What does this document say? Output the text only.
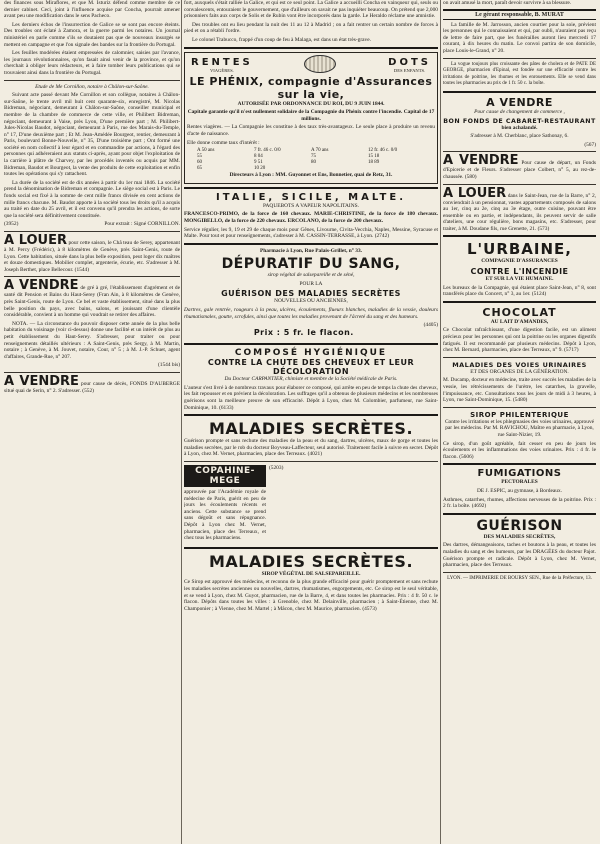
des finances sous Miraflores, et que M. Isturiz défend comme membre de ce dernier cabinet. Ceci, joint à l'influence acquise par Concha, pourrait amener avant peu une modification dans le sens Pacheco.

Les derniers échos de l'insurrection de Galice se se sont pas encore éteints. Des troubles ont éclaté à Zamora, et la guerre parmi les notaires. Un journal ministériel en parle comme s'ils se doutaient pas que de nouveaux insurgés se mettent en campagne et que l'on signale des bandes sur la frontière du Portugal.

Les feuilles modérées étaient empressées de calomnier, saisies par l'avance, les journaux révolutionnaires, qu'on fasait ainsi venir de la province, et qu'on cherchait à obliger leurs rédacteurs, et à faire tomber leurs publications qui se trouvaient ainsi dans la frontière du Portugal.

Etude de Me Cornillon, notaire à Châlon-sur-Saône.

Suivant acte passé devant Me Cornillon et son collègue, notaires à Châlon-sur-Saône, le trente avril mil huit cent quarante-six, enregistré, M. Nicolas Bidreman, négociant, demeurant à Châlon-sur-Saône, conseiller municipal et membre de la chambre de commerce de cette ville, et Philibert Bidreman, négociant, demeurant à Vaise, près Lyon, D'une première part ; M. Philibert-Jules-Nicolas Baudot, négociant, demeurant à Paris, rue des Marais-du-Temple, n° 17, D'une deuxième part ; Et M. Jean-Amédée Bourgeot, rentier, demeurant à Paris, boulevard Bonne-Nouvelle, n° 35, D'une troisième part ; Ont formé une société en nom collectif à leur égard et en commandite par actions, à l'égard des personnes qui adhéreraient aux statuts ci-après, ayant pour objet l'exploitation de la carrière à plâtre de Charvey, par les procédés inventés ou acquis par MM. Bidreman, Baudot et Bourgeot, la vente des produits de cette exploitation et enfin toutes les opérations qui s'y rattachent.

La durée de la société est de dix années à partir du 1er mai 1846. La société prend la dénomination de Bidreman et compagnie. Le siège social est à Paris. Le fonds social est fixé à la somme de cent mille francs divisée en cent actions de mille francs chacune. M. Baudot apporte à la société tous les droits qu'il a acquis au traité en date du 25 avril, et il est convenu qu'il prendra les actions, de sorte que la société sera définitivement constituée.

(3952)	Pour extrait : Signé CORNILLON.

A LOUER pour cette saison, le Châ teau de Serey, appartenant à M. Percy (Frédéric), à 8 kilomètres de Genève, près Saint-Genis, route de Lyon. Cette habitation, située dans la plus belle exposition, peut loger dix maîtres et douze domestiques. Mobilier complet, argenterie, écurie, etc. S'adresser à M. Joseph Berthet, place Bellecour. (1544)

A VENDRE de gré à gré, l'établissement d'agrément et de santé dit Pension et Bains du Haut-Serey (Fran Ain, à 8 kilomètres de Genève, près Saint-Genis, route de Lyon. Ce bel et vaste établissement, situé dans la plus belle position du pays, avec bains, salons, et jouissant d'une clientèle considérable, convient à un homme qui voudrait se retirer des affaires.

NOTA. — La circonstance du pouvoir disposer cette année de la plus belle habitation du voisinage (voir ci-dessus) donne une facilité et un intérêt de plus au petit établissement du Haut-Serey. S'adresser, pour traiter ou pour renseignements détaillés ultérieurs : A Saint-Genis, près Sergy, à M. Martin, notaire ; à Genève, à M. Jouvet, notaire, Cour, n° 5 ; à M. J.-P. Schuet, agent d'affaires, Grande-Rue, n° 207.

(1544 bis)

A VENDRE pour cause de décès, FONDS D'AUBERGE situé quai de Serin, n° 2. S'adresser. (552)

fort, auxquels s'était ralliée la Galice, et qui est ce seul point. La Galice a accueilli Concha en vainqueur qui, seuls ou convalescents, entouraient le gouvernement, que d'ailleurs on savait ne pas inquiéter beaucoup. On prétend que 2,000 prisonniers faits aux corps de Solis et de Rubin vont être incorporés dans la garde. Le Heraldo réclame une amnistie.

Des troubles ont eu lieu pendant la nuit des 11 au 12 à Madrid ; on a fait rentrer un certain nombre de forces à pied et on a rétabli l'ordre.

Le colonel Trabucco, frappé d'un coup de feu à Malaga, est dans un état très-grave.

RENTES
VIAGÈRES.
DOTS
DES ENFANTS.
LE PHÉNIX, compagnie d'Assurances sur la vie,

AUTORISÉE PAR ORDONNANCE DU ROI, DU 9 JUIN 1844.

Capitale garantie qu'il n'est nullement solidaire de la Compagnie du Phénix contre l'incendie. Capital de 17 millions.

Rentes viagères. — La Compagnie les constitue à des taux très-avantageux. Le seule place à produire un revenu d'acte de naissance.

Elle donne comme taux d'intérêt :

A 50 ans	7 fr. 46 c. 0/0	A 70 ans	12 fr. 46 c. 0/0
55	8 04	75	15 18
60	9 51	80	18 89
65	10 20

Directeurs à Lyon : MM. Guyonnet et Ens, Bonnetier, quai de Retz, 31.

ITALIE, SICILE, MALTE.

PAQUEBOTS A VAPEUR NAPOLITAINS.

FRANCESCO-PRIMO, de la force de 160 chevaux. MARIE-CHRISTINE, de la force de 180 chevaux. MONGIBELLO, de la force de 220 chevaux. ERCOLANO, de la force de 200 chevaux.

Service régulier, les 9, 19 et 29 de chaque mois pour Gênes, Livourne, Civita-Vecchia, Naples, Messine, Syracuse et Malte. Pour tout et pour renseignements, s'adresser à M. CASSIN-TERRASSE, à Lyon. (2742)

Pharmacie à Lyon, Rue Palais-Grillet, n° 33.

DÉPURATIF DU SANG,

sirop végétal de salsepareille et de séné,

POUR LA

GUÉRISON DES MALADIES SECRÈTES

NOUVELLES OU ANCIENNES,

Dartres, gale rentrée, rougeurs à la peau, ulcères, écoulements, flueurs blanches, maladies de la vessie, douleurs rhumatismales, goutte, scrofules, ainsi que toutes les maladies provenant de l'âcreté du sang et des humeurs.

Prix : 5 fr. le flacon.
(4405)
COMPOSÉ HYGIÉNIQUE
CONTRE LA CHUTE DES CHEVEUX ET LEUR DÉCOLORATION

Du Docteur CARPANTIER, chimiste et membre de la Société médicale de Paris.

L'auteur s'est livré à de nombreux travaux pour élaborer ce composé, qui arrête en peu de temps la chute des cheveux, les fait repousser et en prévient la décoloration. Les suffrages qu'il a obtenus de plusieurs médecins et les nombreuses guérisons sont la meilleure preuve de son efficacité. Dépôt à Lyon, chez M. Colombier, parfumeur, rue Saint-Dominique, 10. (6133)

MALADIES SECRÈTES.

Guérison prompte et sans rechute des maladies de la peau et du sang, dartres, ulcères, maux de gorge et toutes les maladies secrètes, par le rob du docteur Boyveau-Laffecteur, seul autorisé. Traitement facile à suivre en secret. Dépôt à Lyon, chez M. Vernet, pharmacien, place des Terreaux. (4021)

COPAHINE-MEGE

approuvée par l'Académie royale de médecine de Paris, guérit en peu de jours les écoulements récents et anciens. Cette substance se prend sans dégoût et sans répugnance. Dépôt à Lyon chez M. Vernet, pharmacien, place des Terreaux, et chez tous les pharmaciens.

(5203)

MALADIES SECRÈTES.

SIROP VÉGÉTAL DE SALSEPAREILLE.

Ce Sirop est approuvé des médecins, et reconnu de la plus grande efficacité pour guérir promptement et sans rechute les maladies secrètes anciennes ou nouvelles, dartres, rhumatismes, engorgements, etc. Ce sirop est le seul véritable, et se vend à Lyon, chez M. Guyot, pharmacien, rue de la Barre, 4, et dans toutes les pharmacies. Prix : 4 fr. 50 c. le flacon. Dépôts dans toutes les villes : à Grenoble, chez M. Delainville, pharmacien ; à Saint-Étienne, chez M. Champonier ; à Vienne, chez M. Martel ; à Mâcon, chez M. Maurice, pharmacien. (4573)

on avait amusé la mort, paraît devoir survivre à sa blessure.

Le gérant responsable, B. MURAT

La famille de M. Jarrosson, ancien courtier pour la soie, prévient les personnes qui le connaissaient et qui, par oubli, n'auraient pas reçu de lettre de faire part, que les funérailles auront lieu mercredi 17 courant, à dix heures du matin. Le convoi partira de son domicile, place Louis-le-Grand, n° 20.

La vogue toujours plus croissante des pâtes de cholera et de PATE DE GEORGE, pharmacien d'Epinal, est fondée sur une efficacité contre les irritations de poitrine, les rhumes et les enrouements. Elle se vend dans toutes les pharmacies au prix de 1 fr. 50 c. la boîte.

A VENDRE

Pour cause de changement de commerce ,

BON FONDS DE CABARET-RESTAURANT

bien achalandé.

S'adresser à M. Cherblanc, place Sathonay, 6.

(567)

A VENDRE Pour cause de départ, un Fonds d'Epicerie et de Fleurs. S'adresser place Colbert, n° 5, au rez-de-chaussée. (580)

A LOUER dans le Saint-Jean, rue de la Barre, n° 2, conviendrait à un pensionnat, vastes appartements composés de salons au 1er, cinq au 2e, cinq au 3e étage, outre cuisine, pouvant être ensemble ou en partie, et indépendants, ils peuvent servir de salle d'ateliers, une cour régulière, bons magasins, etc. S'adresser, pour traiter, à M. Doudane fils, rue Grenette, 21. (573)

L'URBAINE,

COMPAGNIE D'ASSURANCES

CONTRE L'INCENDIE

ET SUR LA VIE HUMAINE.

Les bureaux de la Compagnie, qui étaient place Saint-Jean, n° 8, sont transférés place du Concert, n° 3, au 1er. (5124)

CHOCOLAT

AU LAIT D'AMANDES,

Ce Chocolat rafraîchissant, d'une digestion facile, est un aliment précieux pour les personnes qui ont la poitrine ou les organes digestifs fatigués. Il est recommandé par plusieurs médecins. Dépôt à Lyon, chez M. Bernard, pharmacien, place des Terreaux, n° 9. (5717)

MALADIES DES VOIES URINAIRES

ET DES ORGANES DE LA GÉNÉRATION.

M. Ducamp, docteur en médecine, traite avec succès les maladies de la vessie, les rétrécissements de l'urètre, les catarrhes, la gravelle, l'impuissance, etc. Consultations tous les jours de midi à 3 heures, à Lyon, rue Saint-Dominique, 15. (5480)

SIROP PHILENTERIQUE

Contre les irritations et les phlegmasies des voies urinaires, approuvé par les médecins. Par M. RAVICHOU, Maître en pharmacie, à Lyon, rue Saint-Nizier, 19.

Ce sirop, d'un goût agréable, fait cesser en peu de jours les écoulements et les inflammations des voies urinaires. Prix : 4 fr. le flacon. (5606)

FUMIGATIONS

PECTORALES

DE J. ESPIC, au gymnase, à Bordeaux.

Asthmes, catarrhes, rhumes, affections nerveuses de la poitrine. Prix : 2 fr. la boîte. (4692)

GUÉRISON

DES MALADIES SECRÈTES,

Des dartres, démangeaisons, taches et boutons à la peau, et toutes les maladies du sang et des humeurs, par les DRAGÉES du docteur Pajot. Guérison prompte et radicale. Dépôt à Lyon, chez M. Vernet, pharmacien, place des Terreaux.

LYON. — IMPRIMERIE DE BOURSY SEN., Rue de la Préfecture, 13.
